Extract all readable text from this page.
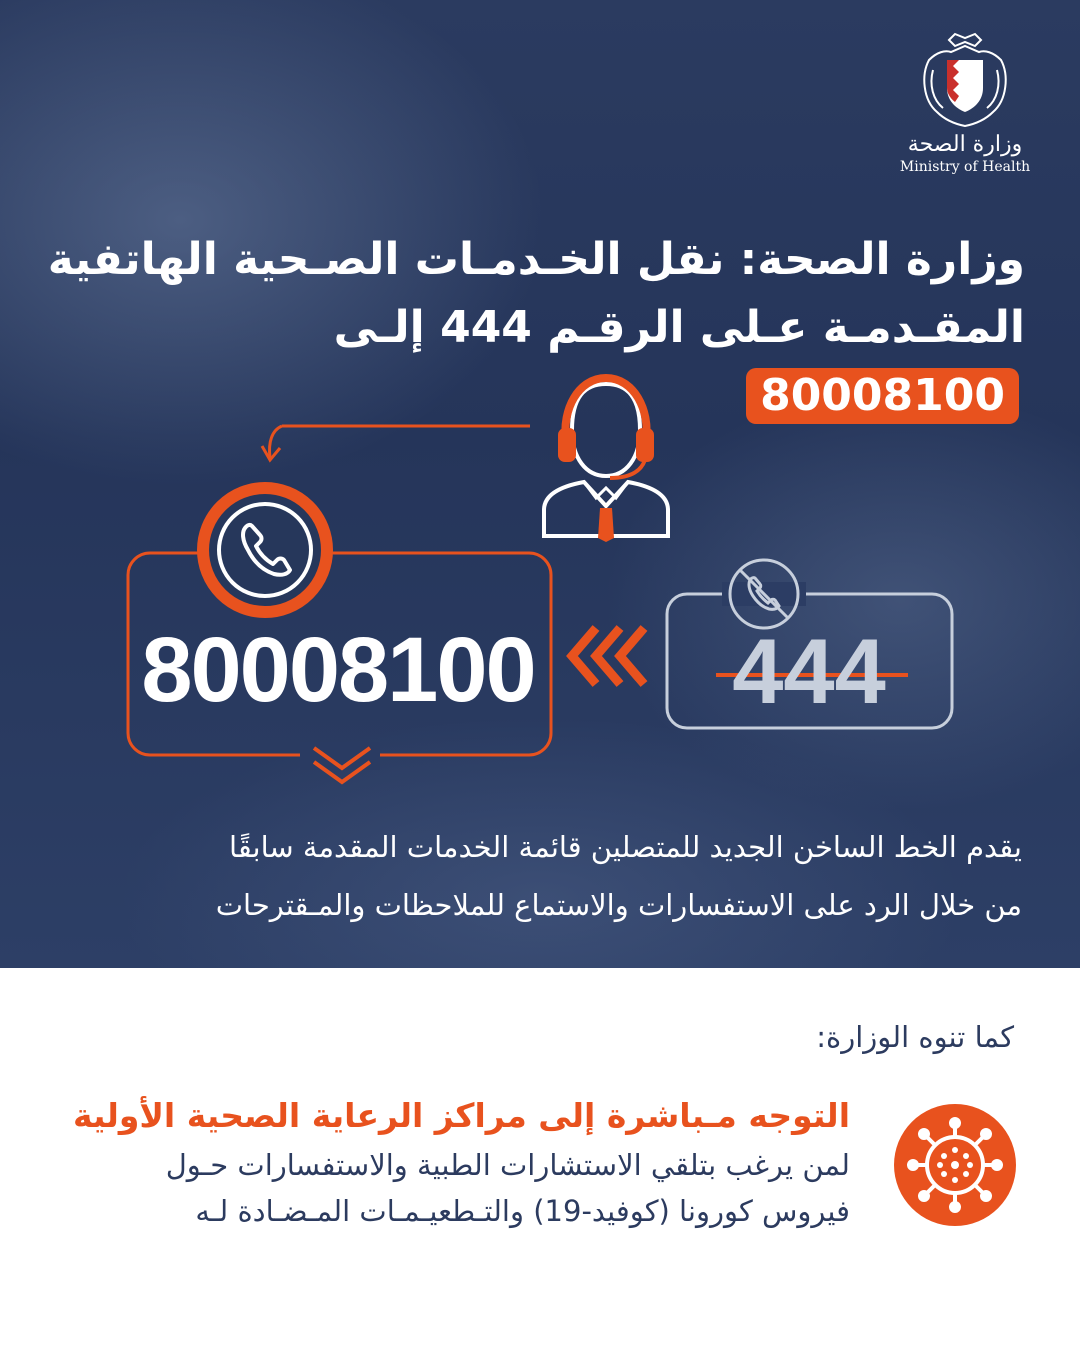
وزارة الصحة
Ministry of Health
وزارة الصحة: نقل الخـدمـات الصـحية الهاتفية
المقـدمـة عـلى الرقـم 444 إلـى 80008100
80008100	444
يقدم الخط الساخن الجديد للمتصلين قائمة الخدمات المقدمة سابقًا
من خلال الرد على الاستفسارات والاستماع للملاحظات والمـقترحات
كما تنوه الوزارة:
التوجه مـباشرة إلى مراكز الرعاية الصحية الأولية
لمن يرغب بتلقي الاستشارات الطبية والاستفسارات حـول
فيروس كورونا (كوفيد-19) والتـطعيـمـات المـضـادة لـه
